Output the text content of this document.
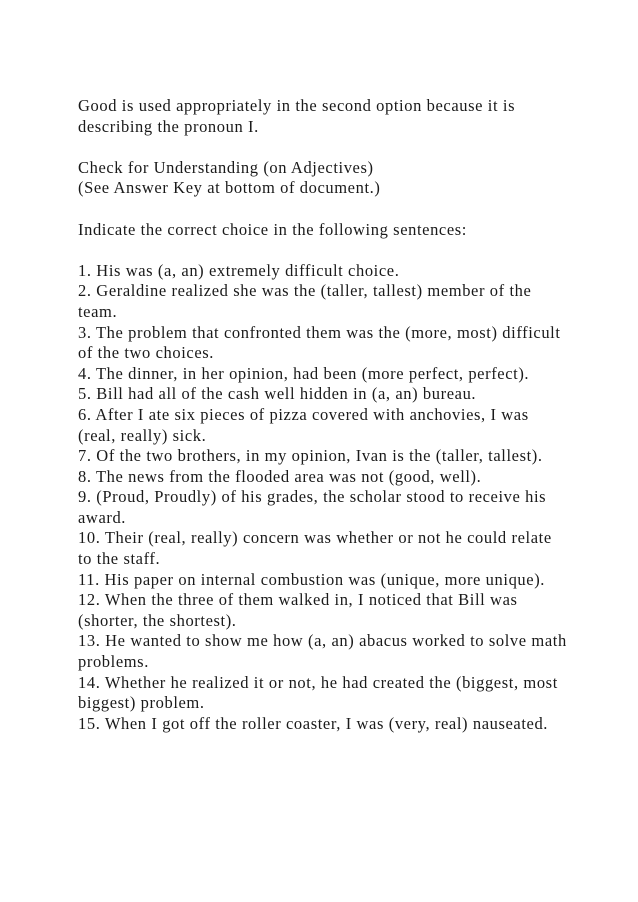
Good is used appropriately in the second option because it is describing the pronoun I.

Check for Understanding (on Adjectives)

(See Answer Key at bottom of document.)

Indicate the correct choice in the following sentences:

1. His was (a, an) extremely difficult choice.
2. Geraldine realized she was the (taller, tallest) member of the team.
3. The problem that confronted them was the (more, most) difficult of the two choices.
4. The dinner, in her opinion, had been (more perfect, perfect).
5. Bill had all of the cash well hidden in (a, an) bureau.
6. After I ate six pieces of pizza covered with anchovies, I was (real, really) sick.
7. Of the two brothers, in my opinion, Ivan is the (taller, tallest).
8. The news from the flooded area was not (good, well).
9. (Proud, Proudly) of his grades, the scholar stood to receive his award.
10. Their (real, really) concern was whether or not he could relate to the staff.
11. His paper on internal combustion was (unique, more unique).
12. When the three of them walked in, I noticed that Bill was (shorter, the shortest).
13. He wanted to show me how (a, an) abacus worked to solve math problems.
14. Whether he realized it or not, he had created the (biggest, most biggest) problem.
15. When I got off the roller coaster, I was (very, real) nauseated.
